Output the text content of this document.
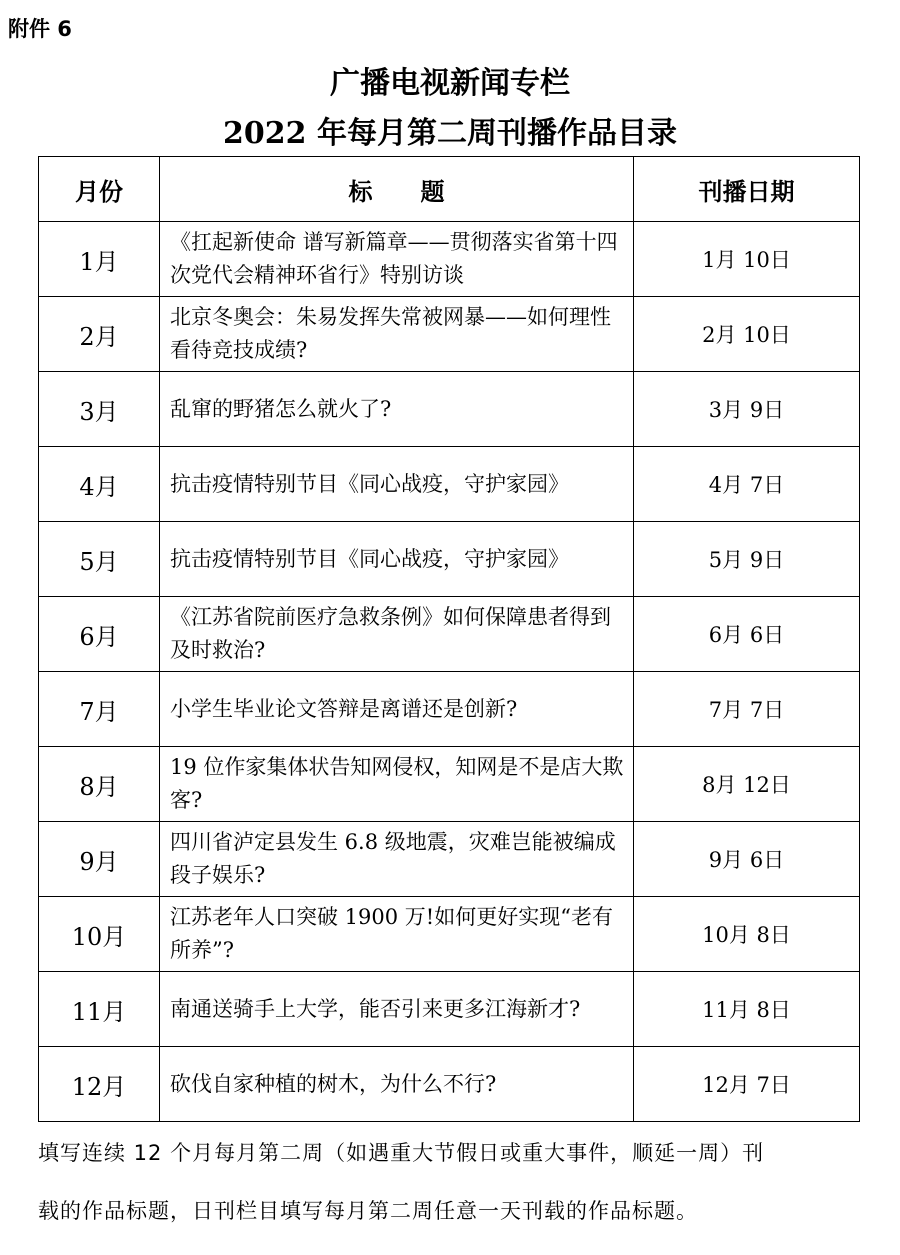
附件 6
广播电视新闻专栏
2022 年每月第二周刊播作品目录
月份	标　　题	刊播日期
1月	《扛起新使命 谱写新篇章——贯彻落实省第十四次党代会精神环省行》特别访谈	1月 10日
2月	北京冬奥会：朱易发挥失常被网暴——如何理性看待竞技成绩?	2月 10日
3月	乱窜的野猪怎么就火了?	3月 9日
4月	抗击疫情特别节目《同心战疫，守护家园》	4月 7日
5月	抗击疫情特别节目《同心战疫，守护家园》	5月 9日
6月	《江苏省院前医疗急救条例》如何保障患者得到及时救治?	6月 6日
7月	小学生毕业论文答辩是离谱还是创新?	7月 7日
8月	19 位作家集体状告知网侵权，知网是不是店大欺客?	8月 12日
9月	四川省泸定县发生 6.8 级地震，灾难岂能被编成段子娱乐?	9月 6日
10月	江苏老年人口突破 1900 万!如何更好实现“老有所养”?	10月 8日
11月	南通送骑手上大学，能否引来更多江海新才?	11月 8日
12月	砍伐自家种植的树木，为什么不行?	12月 7日
填写连续 12 个月每月第二周（如遇重大节假日或重大事件，顺延一周）刊
载的作品标题，日刊栏目填写每月第二周任意一天刊载的作品标题。
